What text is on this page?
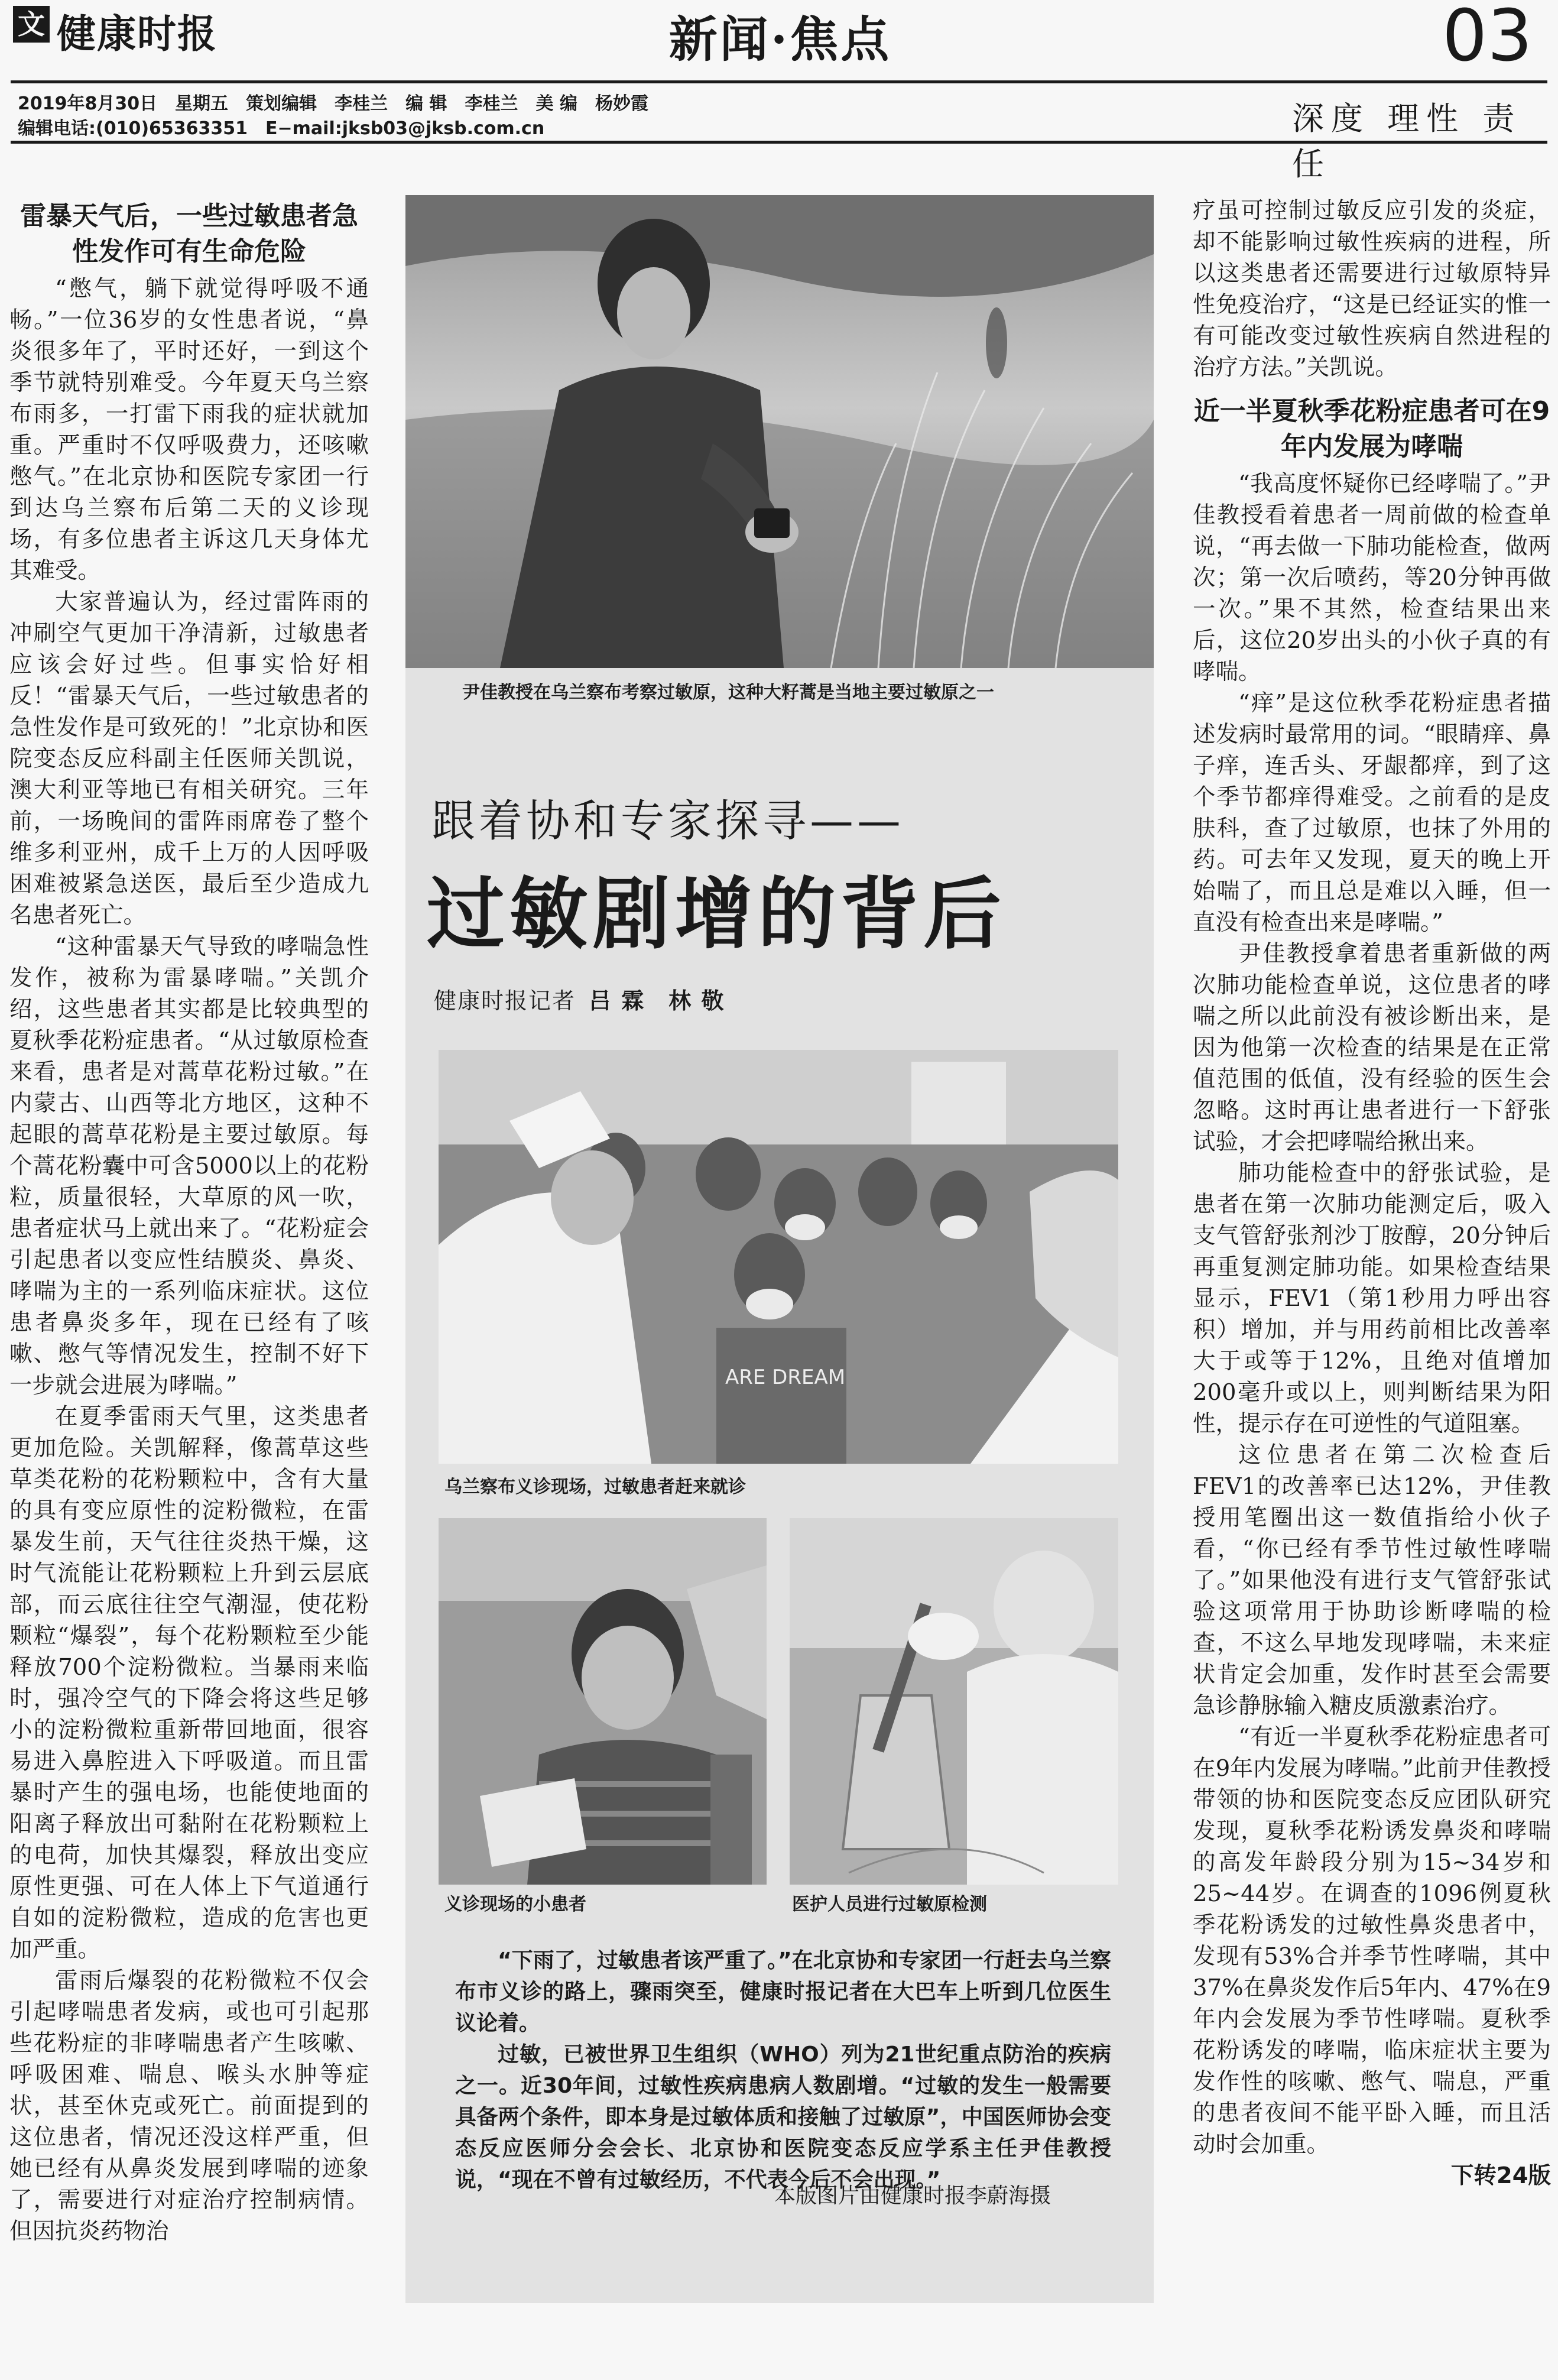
文 健康时报	新闻·焦点	03
2019年8月30日　星期五　策划编辑　李桂兰　编 辑　李桂兰　美 编　杨妙霞
编辑电话:(010)65363351　E−mail:jksb03@jksb.com.cn	深度 理性 责任
雷暴天气后，一些过敏患者急性发作可有生命危险

“憋气，躺下就觉得呼吸不通畅。”一位36岁的女性患者说，“鼻炎很多年了，平时还好，一到这个季节就特别难受。今年夏天乌兰察布雨多，一打雷下雨我的症状就加重。严重时不仅呼吸费力，还咳嗽憋气。”在北京协和医院专家团一行到达乌兰察布后第二天的义诊现场，有多位患者主诉这几天身体尤其难受。

大家普遍认为，经过雷阵雨的冲刷空气更加干净清新，过敏患者应该会好过些。但事实恰好相反！“雷暴天气后，一些过敏患者的急性发作是可致死的！”北京协和医院变态反应科副主任医师关凯说，澳大利亚等地已有相关研究。三年前，一场晚间的雷阵雨席卷了整个维多利亚州，成千上万的人因呼吸困难被紧急送医，最后至少造成九名患者死亡。

“这种雷暴天气导致的哮喘急性发作，被称为雷暴哮喘。”关凯介绍，这些患者其实都是比较典型的夏秋季花粉症患者。“从过敏原检查来看，患者是对蒿草花粉过敏。”在内蒙古、山西等北方地区，这种不起眼的蒿草花粉是主要过敏原。每个蒿花粉囊中可含5000以上的花粉粒，质量很轻，大草原的风一吹，患者症状马上就出来了。“花粉症会引起患者以变应性结膜炎、鼻炎、哮喘为主的一系列临床症状。这位患者鼻炎多年，现在已经有了咳嗽、憋气等情况发生，控制不好下一步就会进展为哮喘。”

在夏季雷雨天气里，这类患者更加危险。关凯解释，像蒿草这些草类花粉的花粉颗粒中，含有大量的具有变应原性的淀粉微粒，在雷暴发生前，天气往往炎热干燥，这时气流能让花粉颗粒上升到云层底部，而云底往往空气潮湿，使花粉颗粒“爆裂”，每个花粉颗粒至少能释放700个淀粉微粒。当暴雨来临时，强冷空气的下降会将这些足够小的淀粉微粒重新带回地面，很容易进入鼻腔进入下呼吸道。而且雷暴时产生的强电场，也能使地面的阳离子释放出可黏附在花粉颗粒上的电荷，加快其爆裂，释放出变应原性更强、可在人体上下气道通行自如的淀粉微粒，造成的危害也更加严重。

雷雨后爆裂的花粉微粒不仅会引起哮喘患者发病，或也可引起那些花粉症的非哮喘患者产生咳嗽、呼吸困难、喘息、喉头水肿等症状，甚至休克或死亡。前面提到的这位患者，情况还没这样严重，但她已经有从鼻炎发展到哮喘的迹象了，需要进行对症治疗控制病情。但因抗炎药物治

尹佳教授在乌兰察布考察过敏原，这种大籽蒿是当地主要过敏原之一
跟着协和专家探寻——
过敏剧增的背后
健康时报记者 吕 霖　林 敬
ARE DREAM
乌兰察布义诊现场，过敏患者赶来就诊
义诊现场的小患者	医护人员进行过敏原检测

“下雨了，过敏患者该严重了。”在北京协和专家团一行赶去乌兰察布市义诊的路上，骤雨突至，健康时报记者在大巴车上听到几位医生议论着。

过敏，已被世界卫生组织（WHO）列为21世纪重点防治的疾病之一。近30年间，过敏性疾病患病人数剧增。“过敏的发生一般需要具备两个条件，即本身是过敏体质和接触了过敏原”，中国医师协会变态反应医师分会会长、北京协和医院变态反应学系主任尹佳教授说，“现在不曾有过敏经历，不代表今后不会出现。”

本版图片由健康时报李蔚海摄

疗虽可控制过敏反应引发的炎症，却不能影响过敏性疾病的进程，所以这类患者还需要进行过敏原特异性免疫治疗，“这是已经证实的惟一有可能改变过敏性疾病自然进程的治疗方法。”关凯说。

近一半夏秋季花粉症患者可在9年内发展为哮喘

“我高度怀疑你已经哮喘了。”尹佳教授看着患者一周前做的检查单说，“再去做一下肺功能检查，做两次；第一次后喷药，等20分钟再做一次。”果不其然，检查结果出来后，这位20岁出头的小伙子真的有哮喘。

“痒”是这位秋季花粉症患者描述发病时最常用的词。“眼睛痒、鼻子痒，连舌头、牙龈都痒，到了这个季节都痒得难受。之前看的是皮肤科，查了过敏原，也抹了外用的药。可去年又发现，夏天的晚上开始喘了，而且总是难以入睡，但一直没有检查出来是哮喘。”

尹佳教授拿着患者重新做的两次肺功能检查单说，这位患者的哮喘之所以此前没有被诊断出来，是因为他第一次检查的结果是在正常值范围的低值，没有经验的医生会忽略。这时再让患者进行一下舒张试验，才会把哮喘给揪出来。

肺功能检查中的舒张试验，是患者在第一次肺功能测定后，吸入支气管舒张剂沙丁胺醇，20分钟后再重复测定肺功能。如果检查结果显示，FEV1（第1秒用力呼出容积）增加，并与用药前相比改善率大于或等于12%，且绝对值增加200毫升或以上，则判断结果为阳性，提示存在可逆性的气道阻塞。

这位患者在第二次检查后FEV1的改善率已达12%，尹佳教授用笔圈出这一数值指给小伙子看，“你已经有季节性过敏性哮喘了。”如果他没有进行支气管舒张试验这项常用于协助诊断哮喘的检查，不这么早地发现哮喘，未来症状肯定会加重，发作时甚至会需要急诊静脉输入糖皮质激素治疗。

“有近一半夏秋季花粉症患者可在9年内发展为哮喘。”此前尹佳教授带领的协和医院变态反应团队研究发现，夏秋季花粉诱发鼻炎和哮喘的高发年龄段分别为15~34岁和25~44岁。在调查的1096例夏秋季花粉诱发的过敏性鼻炎患者中，发现有53%合并季节性哮喘，其中37%在鼻炎发作后5年内、47%在9年内会发展为季节性哮喘。夏秋季花粉诱发的哮喘，临床症状主要为发作性的咳嗽、憋气、喘息，严重的患者夜间不能平卧入睡，而且活动时会加重。

下转24版
